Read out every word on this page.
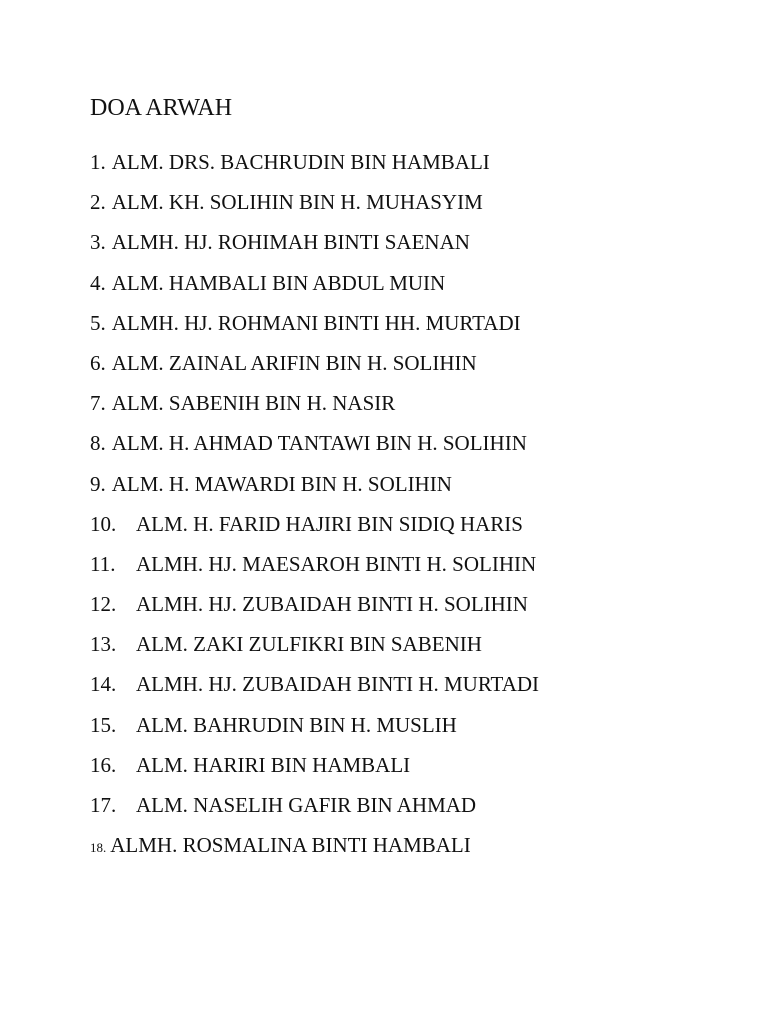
DOA ARWAH
1. ALM. DRS. BACHRUDIN BIN HAMBALI
2. ALM. KH. SOLIHIN BIN H. MUHASYIM
3. ALMH. HJ. ROHIMAH BINTI SAENAN
4. ALM. HAMBALI BIN ABDUL MUIN
5. ALMH. HJ. ROHMANI BINTI HH. MURTADI
6. ALM. ZAINAL ARIFIN BIN H. SOLIHIN
7. ALM. SABENIH BIN H. NASIR
8. ALM. H. AHMAD TANTAWI BIN H. SOLIHIN
9. ALM. H. MAWARDI BIN H. SOLIHIN
10. ALM. H. FARID HAJIRI BIN SIDIQ HARIS
11. ALMH. HJ. MAESAROH BINTI H. SOLIHIN
12. ALMH. HJ. ZUBAIDAH BINTI H. SOLIHIN
13. ALM. ZAKI ZULFIKRI BIN SABENIH
14. ALMH. HJ. ZUBAIDAH BINTI H. MURTADI
15. ALM. BAHRUDIN BIN H. MUSLIH
16. ALM. HARIRI BIN HAMBALI
17. ALM. NASELIH GAFIR BIN AHMAD
18. ALMH. ROSMALINA BINTI HAMBALI
